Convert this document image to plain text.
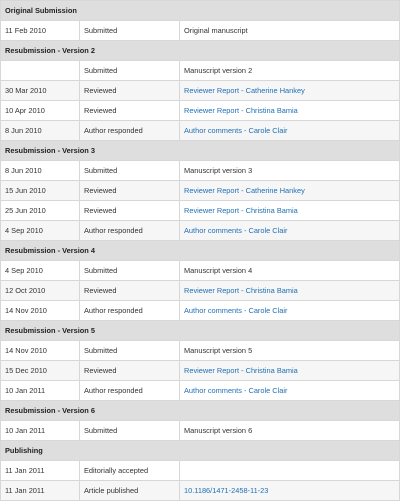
Original Submission		
11 Feb 2010	Submitted	Original manuscript
Resubmission - Version 2		
	Submitted	Manuscript version 2
30 Mar 2010	Reviewed	Reviewer Report - Catherine Hankey
10 Apr 2010	Reviewed	Reviewer Report - Christina Bamia
8 Jun 2010	Author responded	Author comments - Carole Clair
Resubmission - Version 3		
8 Jun 2010	Submitted	Manuscript version 3
15 Jun 2010	Reviewed	Reviewer Report - Catherine Hankey
25 Jun 2010	Reviewed	Reviewer Report - Christina Bamia
4 Sep 2010	Author responded	Author comments - Carole Clair
Resubmission - Version 4		
4 Sep 2010	Submitted	Manuscript version 4
12 Oct 2010	Reviewed	Reviewer Report - Christina Bamia
14 Nov 2010	Author responded	Author comments - Carole Clair
Resubmission - Version 5		
14 Nov 2010	Submitted	Manuscript version 5
15 Dec 2010	Reviewed	Reviewer Report - Christina Bamia
10 Jan 2011	Author responded	Author comments - Carole Clair
Resubmission - Version 6		
10 Jan 2011	Submitted	Manuscript version 6
Publishing		
11 Jan 2011	Editorially accepted	
11 Jan 2011	Article published	10.1186/1471-2458-11-23
